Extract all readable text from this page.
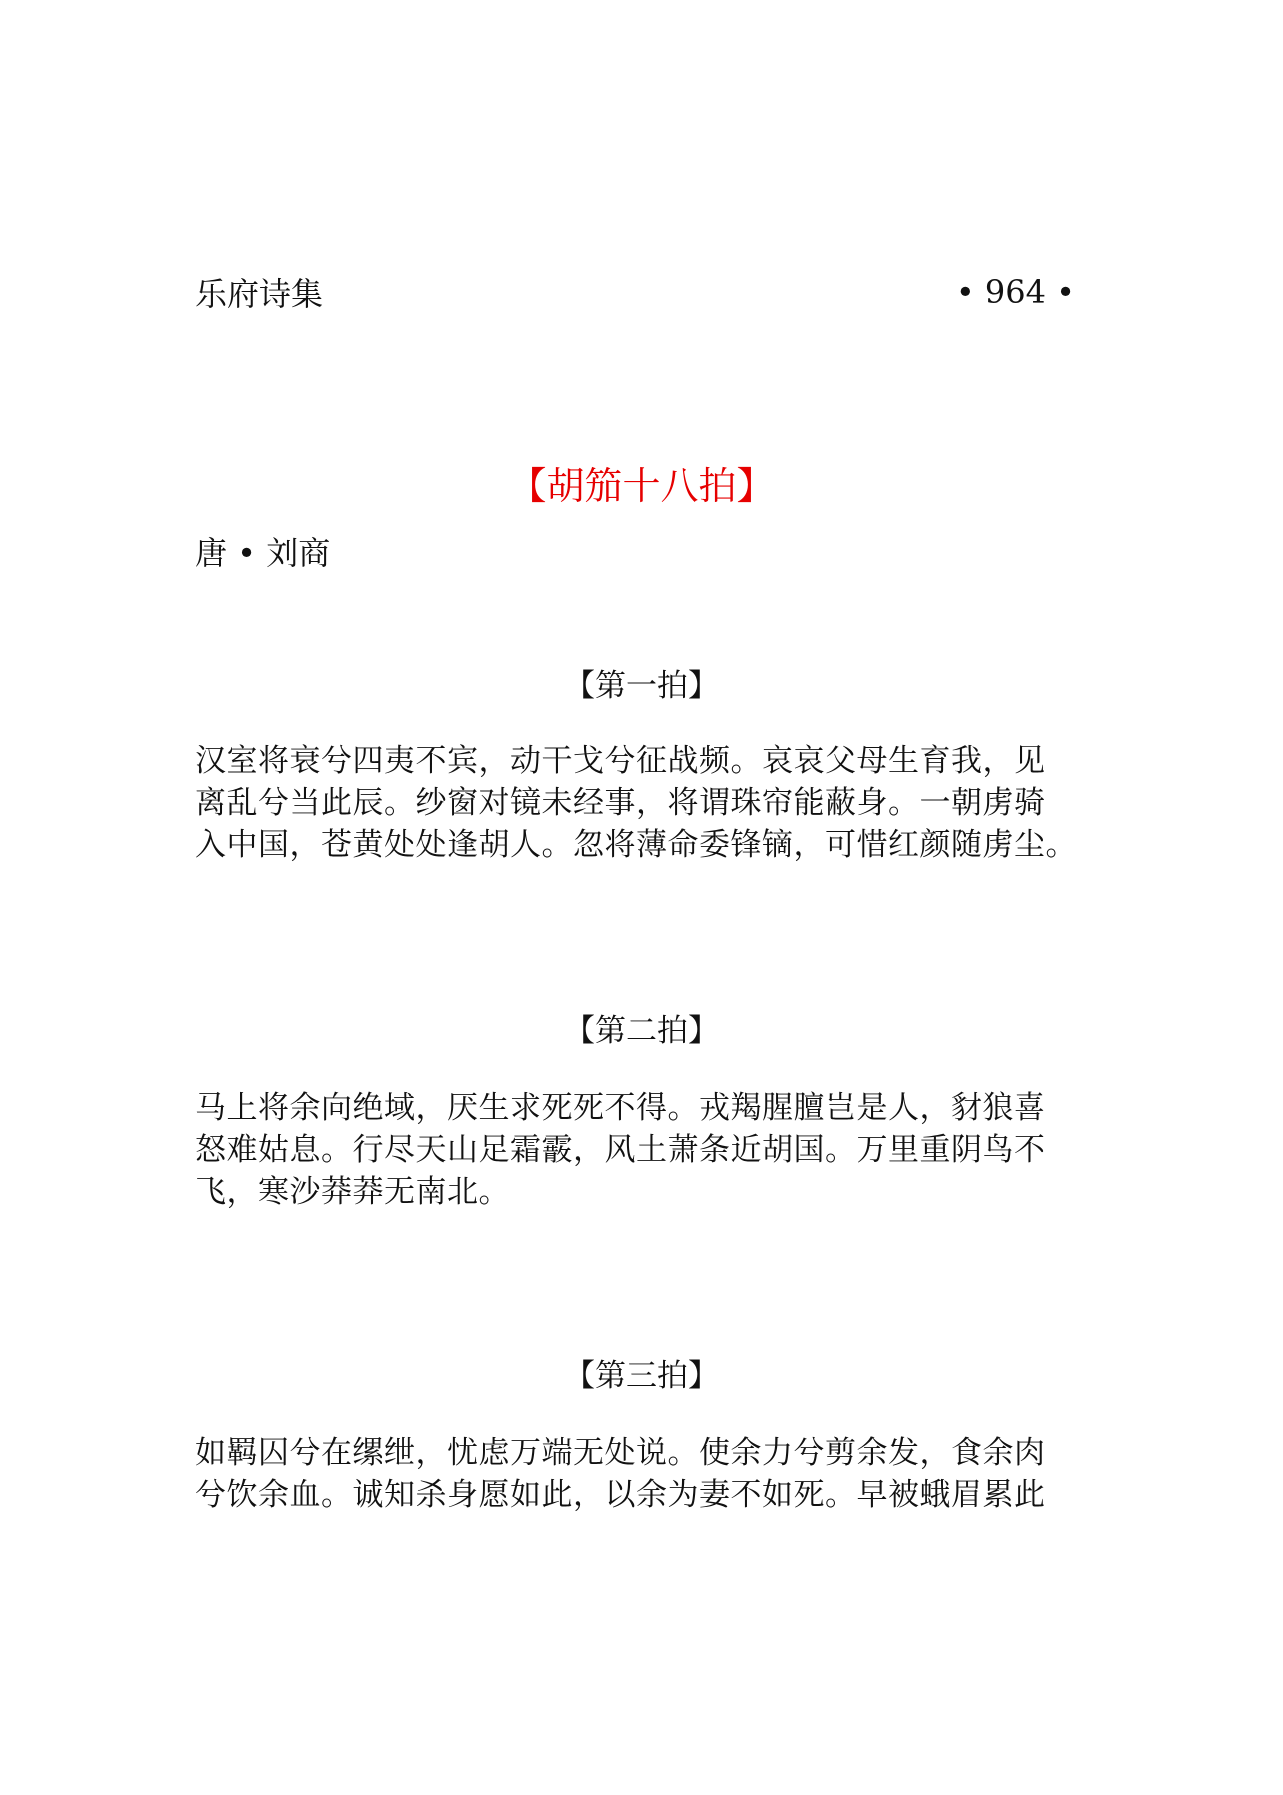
乐府诗集	• 964 •
【胡笳十八拍】
唐 • 刘商
【第一拍】
汉室将衰兮四夷不宾，动干戈兮征战频。哀哀父母生育我，见
离乱兮当此辰。纱窗对镜未经事，将谓珠帘能蔽身。一朝虏骑
入中国，苍黄处处逢胡人。忽将薄命委锋镝，可惜红颜随虏尘。
【第二拍】
马上将余向绝域，厌生求死死不得。戎羯腥膻岂是人，豺狼喜
怒难姑息。行尽天山足霜霰，风土萧条近胡国。万里重阴鸟不
飞，寒沙莽莽无南北。
【第三拍】
如羁囚兮在缧绁，忧虑万端无处说。使余力兮剪余发，食余肉
兮饮余血。诚知杀身愿如此，以余为妻不如死。早被蛾眉累此
